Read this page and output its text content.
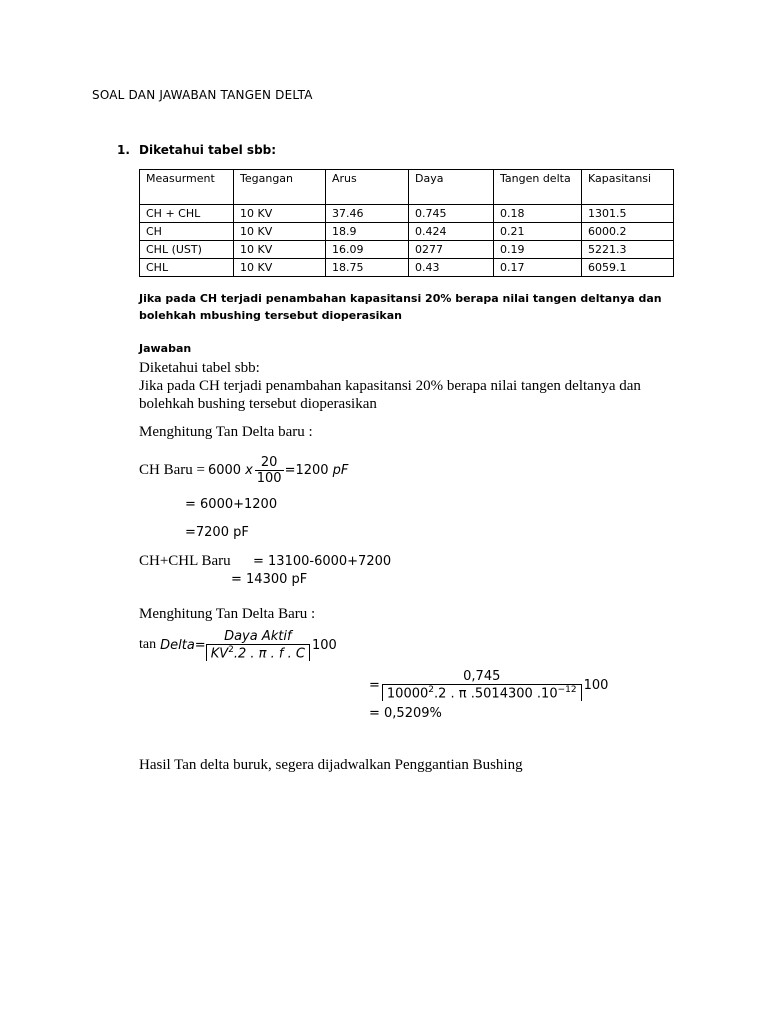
SOAL DAN JAWABAN TANGEN DELTA
1. Diketahui tabel sbb:
Measurment	Tegangan	Arus	Daya	Tangen delta	Kapasitansi
CH + CHL	10 KV	37.46	0.745	0.18	1301.5
CH	10 KV	18.9	0.424	0.21	6000.2
CHL (UST)	10 KV	16.09	0277	0.19	5221.3
CHL	10 KV	18.75	0.43	0.17	6059.1
Jika pada CH terjadi penambahan kapasitansi 20% berapa nilai tangen deltanya dan
bolehkah mbushing tersebut dioperasikan
Jawaban
Diketahui tabel sbb:
Jika pada CH terjadi penambahan kapasitansi 20% berapa nilai tangen deltanya dan
bolehkah bushing tersebut dioperasikan
Menghitung Tan Delta baru :
CH Baru = 6000 x $\frac{20}{100} =1200$ pF
= 6000+1200
=7200 pF
CH+CHL Baru = 13100-6000+7200
= 14300 pF
Menghitung Tan Delta Baru :
tan Delta = $\frac{\text{Daya Aktif}}{KV^2.2 . \pi . f . C} 100$
= $\frac{0,745}{10000^2.2 . \pi .5014300 .10^{-12}} 100$
= 0,5209%
Hasil Tan delta buruk, segera dijadwalkan Penggantian Bushing
